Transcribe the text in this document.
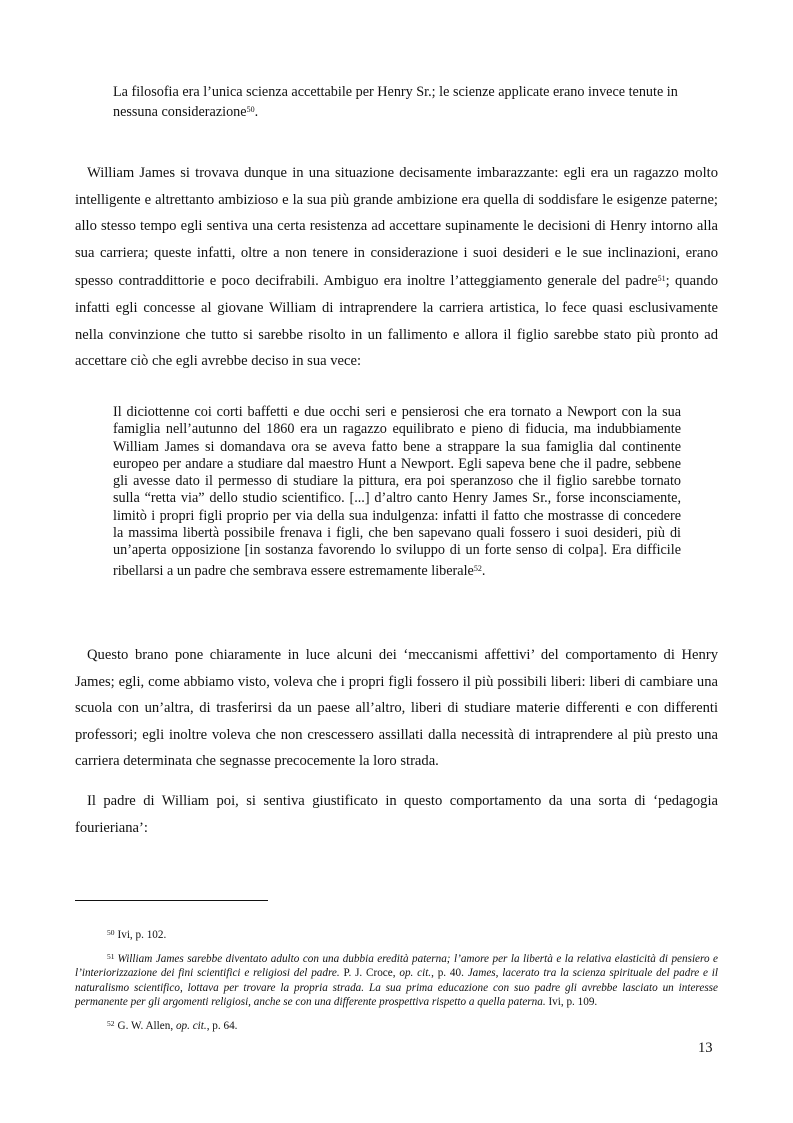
La filosofia era l’unica scienza accettabile per Henry Sr.; le scienze applicate erano invece tenute in nessuna considerazione$^{50}$.
William James si trovava dunque in una situazione decisamente imbarazzante: egli era un ragazzo molto intelligente e altrettanto ambizioso e la sua più grande ambizione era quella di soddisfare le esigenze paterne; allo stesso tempo egli sentiva una certa resistenza ad accettare supinamente le decisioni di Henry intorno alla sua carriera; queste infatti, oltre a non tenere in considerazione i suoi desideri e le sue inclinazioni, erano spesso contraddittorie e poco decifrabili. Ambiguo era inoltre l’atteggiamento generale del padre$^{51}$; quando infatti egli concesse al giovane William di intraprendere la carriera artistica, lo fece quasi esclusivamente nella convinzione che tutto si sarebbe risolto in un fallimento e allora il figlio sarebbe stato più pronto ad accettare ciò che egli avrebbe deciso in sua vece:
Il diciottenne coi corti baffetti e due occhi seri e pensierosi che era tornato a Newport con la sua famiglia nell’autunno del 1860 era un ragazzo equilibrato e pieno di fiducia, ma indubbiamente William James si domandava ora se aveva fatto bene a strappare la sua famiglia dal continente europeo per andare a studiare dal maestro Hunt a Newport. Egli sapeva bene che il padre, sebbene gli avesse dato il permesso di studiare la pittura, era poi speranzoso che il figlio sarebbe tornato sulla “retta via” dello studio scientifico. [...] d’altro canto Henry James Sr., forse inconsciamente, limitò i propri figli proprio per via della sua indulgenza: infatti il fatto che mostrasse di concedere la massima libertà possibile frenava i figli, che ben sapevano quali fossero i suoi desideri, più di un’aperta opposizione [in sostanza favorendo lo sviluppo di un forte senso di colpa]. Era difficile ribellarsi a un padre che sembrava essere estremamente liberale$^{52}$.
Questo brano pone chiaramente in luce alcuni dei ‘meccanismi affettivi’ del comportamento di Henry James; egli, come abbiamo visto, voleva che i propri figli fossero il più possibili liberi: liberi di cambiare una scuola con un’altra, di trasferirsi da un paese all’altro, liberi di studiare materie differenti e con differenti professori; egli inoltre voleva che non crescessero assillati dalla necessità di intraprendere al più presto una carriera determinata che segnasse precocemente la loro strada.
Il padre di William poi, si sentiva giustificato in questo comportamento da una sorta di ‘pedagogia fourieriana’:
$^{50}$ Ivi, p. 102.
$^{51}$ William James sarebbe diventato adulto con una dubbia eredità paterna; l’amore per la libertà e la relativa elasticità di pensiero e l’interiorizzazione dei fini scientifici e religiosi del padre. P. J. Croce, op. cit., p. 40. James, lacerato tra la scienza spirituale del padre e il naturalismo scientifico, lottava per trovare la propria strada. La sua prima educazione con suo padre gli avrebbe lasciato un interesse permanente per gli argomenti religiosi, anche se con una differente prospettiva rispetto a quella paterna. Ivi, p. 109.
$^{52}$ G. W. Allen, op. cit., p. 64.
13
